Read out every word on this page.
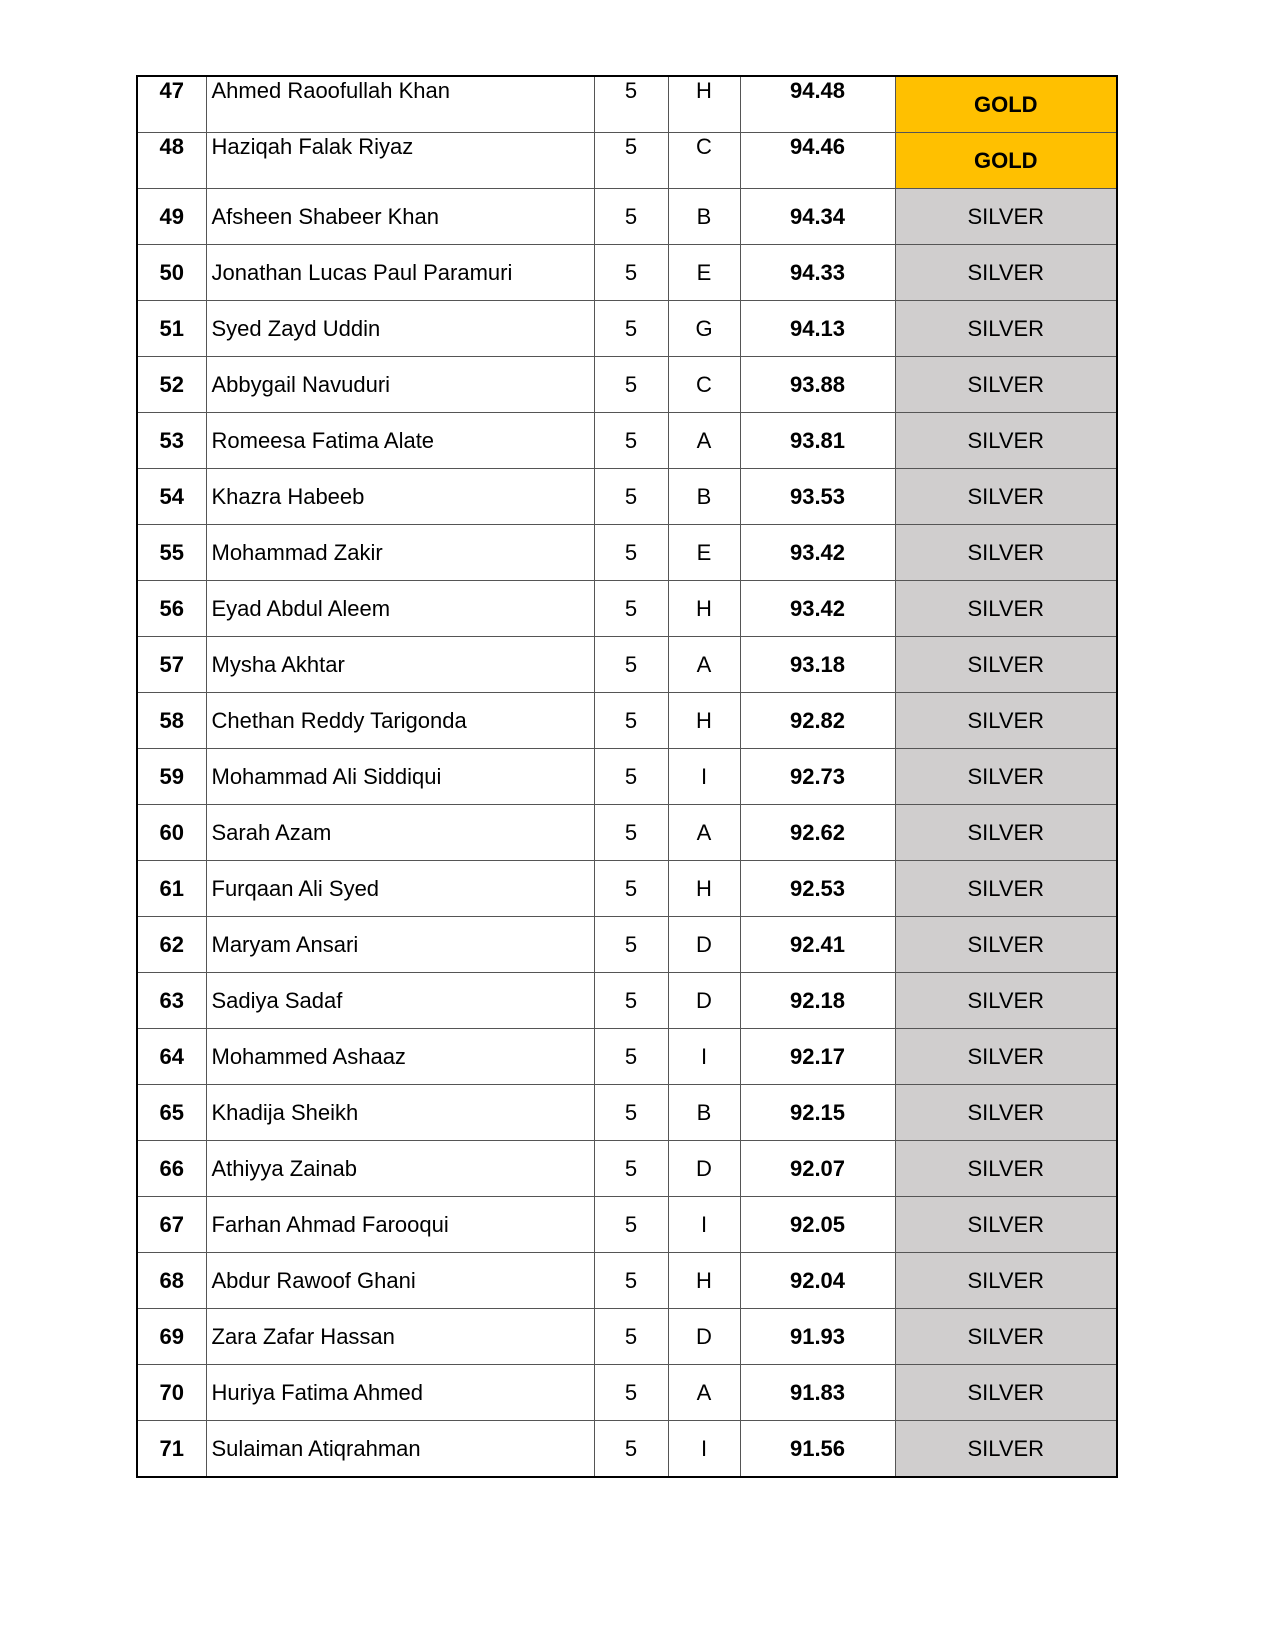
47	Ahmed Raoofullah Khan	5	H	94.48	GOLD
48	Haziqah Falak Riyaz	5	C	94.46	GOLD
49	Afsheen Shabeer Khan	5	B	94.34	SILVER
50	Jonathan Lucas Paul Paramuri	5	E	94.33	SILVER
51	Syed Zayd Uddin	5	G	94.13	SILVER
52	Abbygail Navuduri	5	C	93.88	SILVER
53	Romeesa Fatima Alate	5	A	93.81	SILVER
54	Khazra Habeeb	5	B	93.53	SILVER
55	Mohammad Zakir	5	E	93.42	SILVER
56	Eyad Abdul Aleem	5	H	93.42	SILVER
57	Mysha Akhtar	5	A	93.18	SILVER
58	Chethan Reddy Tarigonda	5	H	92.82	SILVER
59	Mohammad Ali Siddiqui	5	I	92.73	SILVER
60	Sarah Azam	5	A	92.62	SILVER
61	Furqaan Ali Syed	5	H	92.53	SILVER
62	Maryam Ansari	5	D	92.41	SILVER
63	Sadiya Sadaf	5	D	92.18	SILVER
64	Mohammed Ashaaz	5	I	92.17	SILVER
65	Khadija Sheikh	5	B	92.15	SILVER
66	Athiyya Zainab	5	D	92.07	SILVER
67	Farhan Ahmad Farooqui	5	I	92.05	SILVER
68	Abdur Rawoof Ghani	5	H	92.04	SILVER
69	Zara Zafar Hassan	5	D	91.93	SILVER
70	Huriya Fatima Ahmed	5	A	91.83	SILVER
71	Sulaiman Atiqrahman	5	I	91.56	SILVER
